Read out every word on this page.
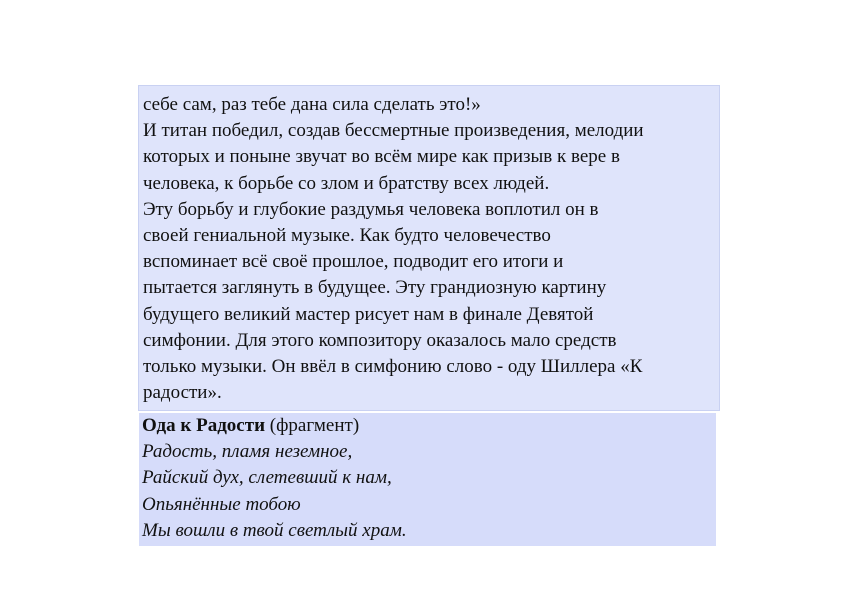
себе сам, раз тебе дана сила сделать это!»
И титан победил, создав бессмертные произведения, мелодии
которых и поныне звучат во всём мире как призыв к вере в
человека, к борьбе со злом и братству всех людей.
Эту борьбу и глубокие раздумья человека воплотил он в
своей гениальной музыке. Как будто человечество
вспоминает всё своё прошлое, подводит его итоги и
пытается заглянуть в будущее. Эту грандиозную картину
будущего великий мастер рисует нам в финале Девятой
симфонии. Для этого композитору оказалось мало средств
только музыки. Он ввёл в симфонию слово - оду Шиллера «К
радости».
Ода к Радости (фрагмент)
Радость, пламя неземное,
Райский дух, слетевший к нам,
Опьянённые тобою
Мы вошли в твой светлый храм.
